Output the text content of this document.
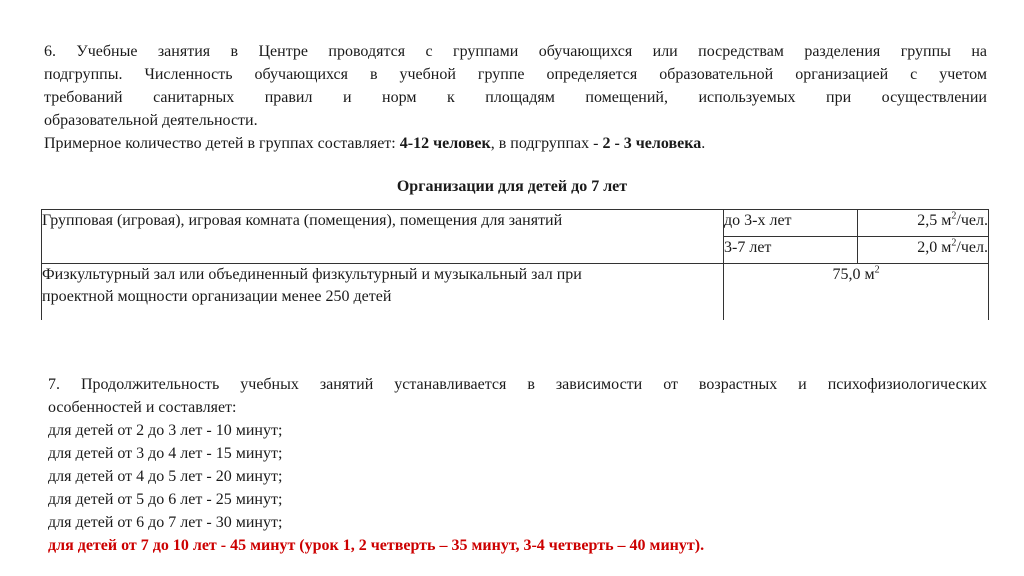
6. Учебные занятия в Центре проводятся с группами обучающихся или посредствам разделения группы на
подгруппы. Численность обучающихся в учебной группе определяется образовательной организацией с учетом
требований санитарных правил и норм к площадям помещений, используемых при осуществлении
образовательной деятельности.
Примерное количество детей в группах составляет: 4-12 человек, в подгруппах - 2 - 3 человека.
Организации для детей до 7 лет
Групповая (игровая), игровая комната (помещения), помещения для занятий	до 3-х лет	2,5 $м^2$/чел.
	3-7 лет	2,0 $м^2$/чел.

Физкультурный зал или объединенный физкультурный и музыкальный зал при
проектной мощности организации менее 250 детей	75,0 $м^2$
7. Продолжительность учебных занятий устанавливается в зависимости от возрастных и психофизиологических
особенностей и составляет:
для детей от 2 до 3 лет - 10 минут;
для детей от 3 до 4 лет - 15 минут;
для детей от 4 до 5 лет - 20 минут;
для детей от 5 до 6 лет - 25 минут;
для детей от 6 до 7 лет - 30 минут;
для детей от 7 до 10 лет - 45 минут (урок 1, 2 четверть – 35 минут, 3-4 четверть – 40 минут).
